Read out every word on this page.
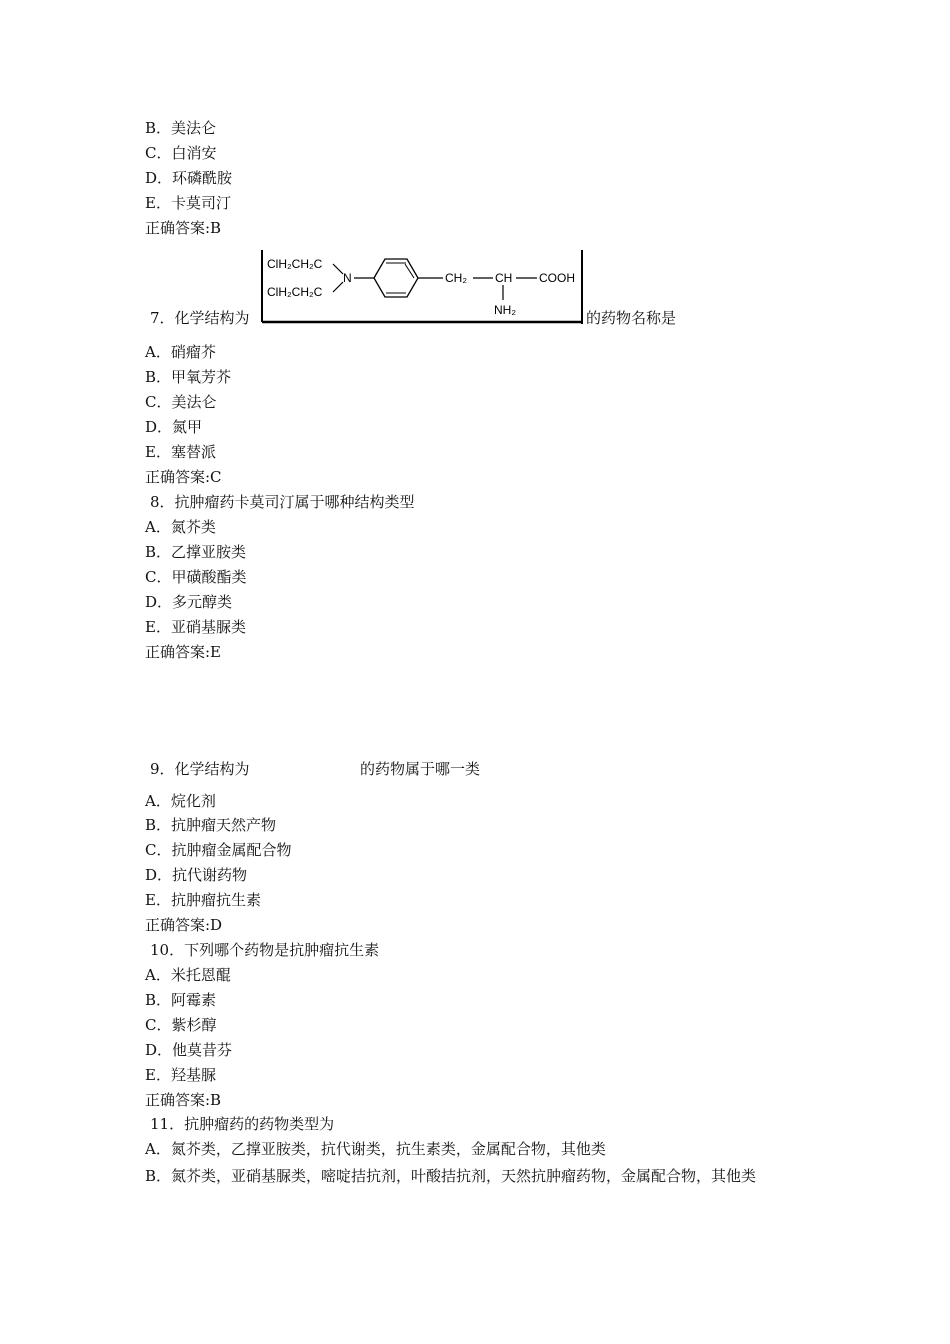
B．美法仑
C．白消安
D．环磷酰胺
E．卡莫司汀
正确答案:B
7．化学结构为
ClH₂CH₂C
ClH₂CH₂C
N	CH₂ CH COOH
NH₂	的药物名称是
A．硝瘤芥
B．甲氧芳芥
C．美法仑
D．氮甲
E．塞替派
正确答案:C
8．抗肿瘤药卡莫司汀属于哪种结构类型
A．氮芥类
B．乙撑亚胺类
C．甲磺酸酯类
D．多元醇类
E．亚硝基脲类
正确答案:E
9．化学结构为	的药物属于哪一类
A．烷化剂
B．抗肿瘤天然产物
C．抗肿瘤金属配合物
D．抗代谢药物
E．抗肿瘤抗生素
正确答案:D
10．下列哪个药物是抗肿瘤抗生素
A．米托恩醌
B．阿霉素
C．紫杉醇
D．他莫昔芬
E．羟基脲
正确答案:B
11．抗肿瘤药的药物类型为
A．氮芥类，乙撑亚胺类，抗代谢类，抗生素类，金属配合物，其他类
B．氮芥类，亚硝基脲类，嘧啶拮抗剂，叶酸拮抗剂，天然抗肿瘤药物，金属配合物，其他类
